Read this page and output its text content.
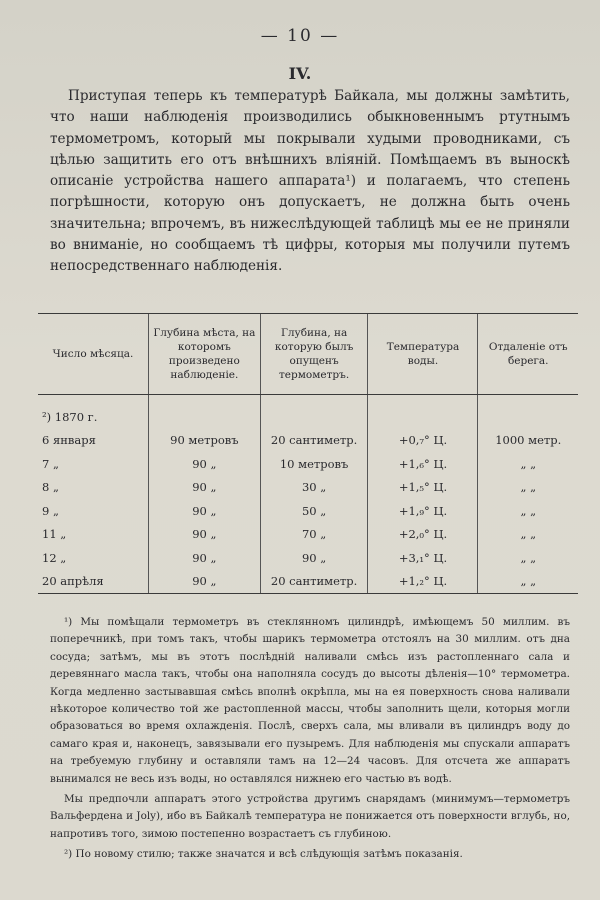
— 10 —
IV.

Приступая теперь къ температурѣ Байкала, мы должны замѣтить, что наши наблюденія производились обыкновеннымъ ртутнымъ термометромъ, который мы покрывали худыми проводниками, съ цѣлью защитить его отъ внѣшнихъ вліяній. Помѣщаемъ въ выноскѣ описаніе устройства нашего аппарата¹) и полагаемъ, что степень погрѣшности, которую онъ допускаетъ, не должна быть очень значительна; впрочемъ, въ нижеслѣдующей таблицѣ мы ее не приняли во вниманіе, но сообщаемъ тѣ цифры, которыя мы получили путемъ непосредственнаго наблюденія.

Число мѣсяца.	Глубина мѣста, на которомъ произведено наблюденіе.	Глубина, на которую былъ опущенъ термометръ.	Температура воды.	Отдаленіе отъ берега.

²) 1870 г.				
6 января	90 метровъ	20 сантиметр.	+0,₇° Ц.	1000 метр.
7 „	90 „	10 метровъ	+1,₆° Ц.	„ „
8 „	90 „	30 „	+1,₅° Ц.	„ „
9 „	90 „	50 „	+1,₉° Ц.	„ „
11 „	90 „	70 „	+2,₀° Ц.	„ „
12 „	90 „	90 „	+3,₁° Ц.	„ „
20 апрѣля	90 „	20 сантиметр.	+1,₂° Ц.	„ „

¹) Мы помѣщали термометръ въ стеклянномъ цилиндрѣ, имѣющемъ 50 миллим. въ поперечникѣ, при томъ такъ, чтобы шарикъ термометра отстоялъ на 30 миллим. отъ дна сосуда; затѣмъ, мы въ этотъ послѣдній наливали смѣсь изъ растопленнаго сала и деревяннаго масла такъ, чтобы она наполняла сосудъ до высоты дѣленія—10° термометра. Когда медленно застывавшая смѣсь вполнѣ окрѣпла, мы на ея поверхность снова наливали нѣкоторое количество той же растопленной массы, чтобы заполнить щели, которыя могли образоваться во время охлажденія. Послѣ, сверхъ сала, мы вливали въ цилиндръ воду до самаго края и, наконецъ, завязывали его пузыремъ. Для наблюденія мы спускали аппаратъ на требуемую глубину и оставляли тамъ на 12—24 часовъ. Для отсчета же аппаратъ вынимался не весь изъ воды, но оставлялся нижнею его частью въ водѣ.

Мы предпочли аппаратъ этого устройства другимъ снарядамъ (минимумъ—термометръ Вальфердена и Joly), ибо въ Байкалѣ температура не понижается отъ поверхности вглубь, но, напротивъ того, зимою постепенно возрастаетъ съ глубиною.

²) По новому стилю; также значатся и всѣ слѣдующія затѣмъ показанія.
